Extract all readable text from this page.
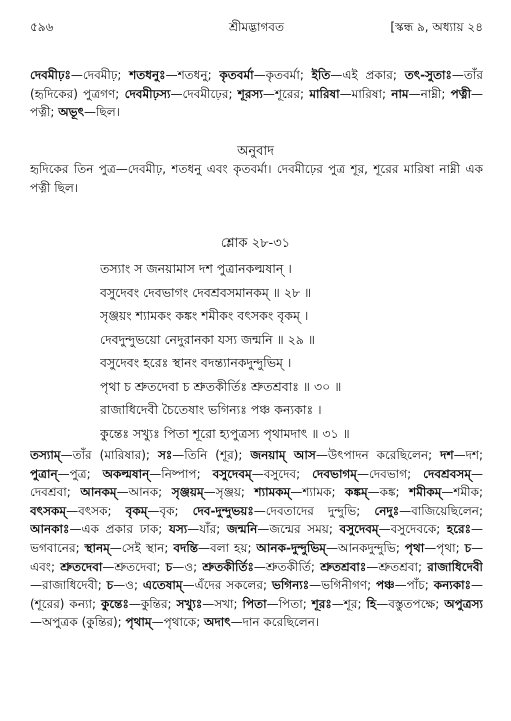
৫৯৬	শ্রীমদ্ভাগবত	[স্কন্ধ ৯, অধ্যায় ২৪
দেবমীঢ়ঃ—দেবমীঢ়; শতধনুঃ—শতধনু; কৃতবর্মা—কৃতবর্মা; ইতি—এই প্রকার; তৎ-সুতাঃ—তাঁর (হৃদিকের) পুত্রগণ; দেবমীঢ়স্য—দেবমীঢ়ের; শূরস্য—শূরের; মারিষা—মারিষা; নাম—নাম্নী; পত্নী—পত্নী; অভূৎ—ছিল।
অনুবাদ
হৃদিকের তিন পুত্র—দেবমীঢ়, শতধনু এবং কৃতবর্মা। দেবমীঢ়ের পুত্র শূর, শূরের মারিষা নাম্নী এক পত্নী ছিল।
শ্লোক ২৮-৩১
তস্যাং স জনয়ামাস দশ পুত্রানকল্মষান্ ।
বসুদেবং দেবভাগং দেবশ্রবসমানকম্ ॥ ২৮ ॥
সৃঞ্জয়ং শ্যামকং কঙ্কং শমীকং বৎসকং বৃকম্ ।
দেবদুন্দুভয়ো নেদুরানকা যস্য জন্মনি ॥ ২৯ ॥
বসুদেবং হরেঃ স্থানং বদন্ত্যানকদুন্দুভিম্ ।
পৃথা চ শ্রুতদেবা চ শ্রুতকীর্তিঃ শ্রুতশ্রবাঃ ॥ ৩০ ॥
রাজাধিদেবী চৈতেষাং ভগিন্যঃ পঞ্চ কন্যকাঃ ।
কুন্তেঃ সখ্যুঃ পিতা শূরো হ্যপুত্রস্য পৃথামদাৎ ॥ ৩১ ॥
তস্যাম্—তাঁর (মারিষার); সঃ—তিনি (শূর); জনয়াম্ আস—উৎপাদন করেছিলেন; দশ—দশ; পুত্রান্—পুত্র; অকল্মষান্—নিষ্পাপ; বসুদেবম্—বসুদেব; দেবভাগম্—দেবভাগ; দেবশ্রবসম্—দেবশ্রবা; আনকম্—আনক; সৃঞ্জয়ম্—সৃঞ্জয়; শ্যামকম্—শ্যামক; কঙ্কম্—কঙ্ক; শমীকম্—শমীক; বৎসকম্—বৎসক; বৃকম্—বৃক; দেব-দুন্দুভয়ঃ—দেবতাদের দুন্দুভি; নেদুঃ—বাজিয়েছিলেন; আনকাঃ—এক প্রকার ঢাক; যস্য—যাঁর; জন্মনি—জন্মের সময়; বসুদেবম্—বসুদেবকে; হরেঃ—ভগবানের; স্থানম্—সেই স্থান; বদন্তি—বলা হয়; আনক-দুন্দুভিম্—আনকদুন্দুভি; পৃথা—পৃথা; চ—এবং; শ্রুতদেবা—শ্রুতদেবা; চ—ও; শ্রুতকীর্তিঃ—শ্রুতকীর্তি; শ্রুতশ্রবাঃ—শ্রুতশ্রবা; রাজাধিদেবী—রাজাধিদেবী; চ—ও; এতেষাম্—এঁদের সকলের; ভগিন্যঃ—ভগিনীগণ; পঞ্চ—পাঁচ; কন্যকাঃ—(শূরের) কন্যা; কুন্তেঃ—কুন্তির; সখ্যুঃ—সখা; পিতা—পিতা; শূরঃ—শূর; হি—বস্তুতপক্ষে; অপুত্রস্য—অপুত্রক (কুন্তির); পৃথাম্—পৃথাকে; অদাৎ—দান করেছিলেন।
